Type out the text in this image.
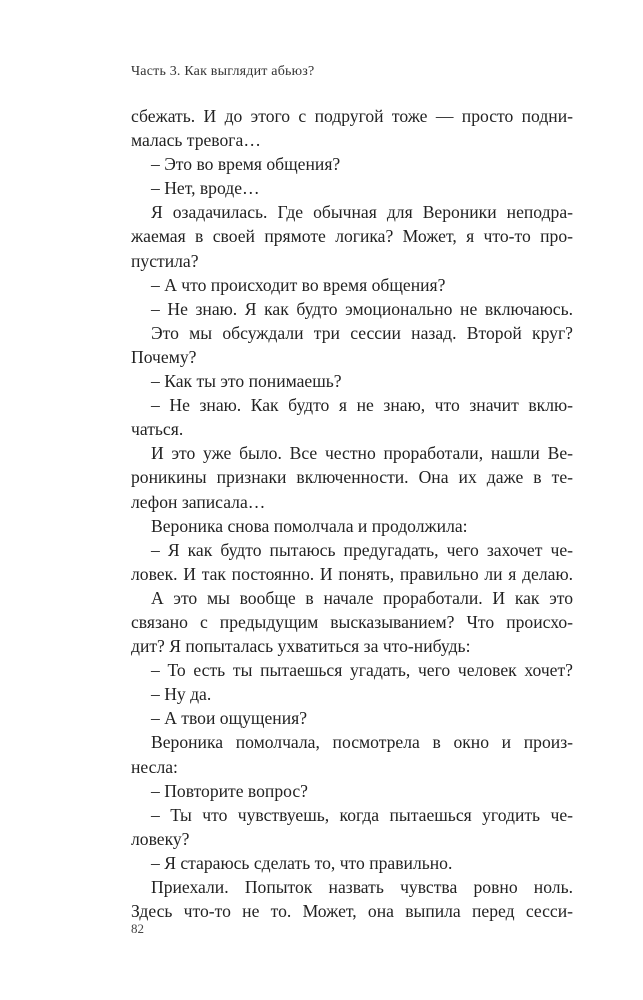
Часть 3. Как выглядит абьюз?
сбежать. И до этого с подругой тоже — просто подни-
малась тревога…
– Это во время общения?
– Нет, вроде…
Я озадачилась. Где обычная для Вероники неподра-
жаемая в своей прямоте логика? Может, я что-то про-
пустила?
– А что происходит во время общения?
– Не знаю. Я как будто эмоционально не включаюсь.
Это мы обсуждали три сессии назад. Второй круг?
Почему?
– Как ты это понимаешь?
– Не знаю. Как будто я не знаю, что значит вклю-
чаться.
И это уже было. Все честно проработали, нашли Ве-
роникины признаки включенности. Она их даже в те-
лефон записала…
Вероника снова помолчала и продолжила:
– Я как будто пытаюсь предугадать, чего захочет че-
ловек. И так постоянно. И понять, правильно ли я делаю.
А это мы вообще в начале проработали. И как это
связано с предыдущим высказыванием? Что происхо-
дит? Я попыталась ухватиться за что-нибудь:
– То есть ты пытаешься угадать, чего человек хочет?
– Ну да.
– А твои ощущения?
Вероника помолчала, посмотрела в окно и произ-
несла:
– Повторите вопрос?
– Ты что чувствуешь, когда пытаешься угодить че-
ловеку?
– Я стараюсь сделать то, что правильно.
Приехали. Попыток назвать чувства ровно ноль.
Здесь что-то не то. Может, она выпила перед сесси-
82
